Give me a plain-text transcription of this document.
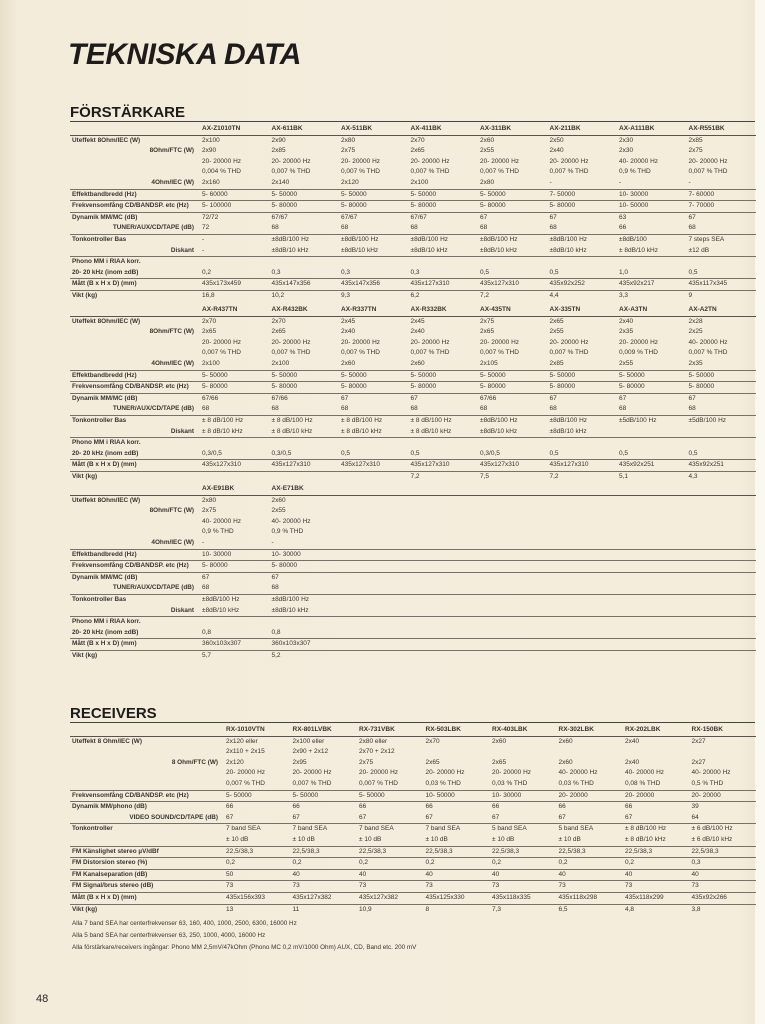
TEKNISKA DATA
FÖRSTÄRKARE
	AX-Z1010TN	AX-611BK	AX-511BK	AX-411BK	AX-311BK	AX-211BK	AX-A111BK	AX-R551BK
Uteffekt 8Ohm/IEC (W)	2x100	2x90	2x80	2x70	2x60	2x50	2x30	2x85
8Ohm/FTC (W)	2x90	2x85	2x75	2x65	2x55	2x40	2x30	2x75
	20- 20000 Hz	20- 20000 Hz	20- 20000 Hz	20- 20000 Hz	20- 20000 Hz	20- 20000 Hz	40- 20000 Hz	20- 20000 Hz
	0,004 % THD	0,007 % THD	0,007 % THD	0,007 % THD	0,007 % THD	0,007 % THD	0,9 % THD	0,007 % THD
4Ohm/IEC (W)	2x160	2x140	2x120	2x100	2x80	-	-	-
Effektbandbredd (Hz)	5- 60000	5- 50000	5- 50000	5- 50000	5- 50000	7- 50000	10- 30000	7- 60000
Frekvensomfång CD/BANDSP. etc (Hz)	5- 100000	5- 80000	5- 80000	5- 80000	5- 80000	5- 80000	10- 50000	7- 70000
Dynamik MM/MC (dB)	72/72	67/67	67/67	67/67	67	67	63	67
TUNER/AUX/CD/TAPE (dB)	72	68	68	68	68	68	66	68
Tonkontroller Bas	-	±8dB/100 Hz	±8dB/100 Hz	±8dB/100 Hz	±8dB/100 Hz	±8dB/100 Hz	±8dB/100	7 steps SEA
Diskant	-	±8dB/10 kHz	±8dB/10 kHz	±8dB/10 kHz	±8dB/10 kHz	±8dB/10 kHz	± 8dB/10 kHz	±12 dB
Phono MM i RIAA korr.								
20- 20 kHz (inom ±dB)	0,2	0,3	0,3	0,3	0,5	0,5	1,0	0,5
Mått (B x H x D) (mm)	435x173x459	435x147x356	435x147x356	435x127x310	435x127x310	435x92x252	435x92x217	435x117x345
Vikt (kg)	16,8	10,2	9,3	6,2	7,2	4,4	3,3	9
	AX-R437TN	AX-R432BK	AX-R337TN	AX-R332BK	AX-435TN	AX-335TN	AX-A3TN	AX-A2TN
Uteffekt 8Ohm/IEC (W)	2x70	2x70	2x45	2x45	2x75	2x65	2x40	2x28
8Ohm/FTC (W)	2x65	2x65	2x40	2x40	2x65	2x55	2x35	2x25
	20- 20000 Hz	20- 20000 Hz	20- 20000 Hz	20- 20000 Hz	20- 20000 Hz	20- 20000 Hz	20- 20000 Hz	40- 20000 Hz
	0,007 % THD	0,007 % THD	0,007 % THD	0,007 % THD	0,007 % THD	0,007 % THD	0,009 % THD	0,007 % THD
4Ohm/IEC (W)	2x100	2x100	2x60	2x60	2x105	2x85	2x55	2x35
Effektbandbredd (Hz)	5- 50000	5- 50000	5- 50000	5- 50000	5- 50000	5- 50000	5- 50000	5- 50000
Frekvensomfång CD/BANDSP. etc (Hz)	5- 80000	5- 80000	5- 80000	5- 80000	5- 80000	5- 80000	5- 80000	5- 80000
Dynamik MM/MC (dB)	67/66	67/66	67	67	67/66	67	67	67
TUNER/AUX/CD/TAPE (dB)	68	68	68	68	68	68	68	68
Tonkontroller Bas	± 8 dB/100 Hz	± 8 dB/100 Hz	± 8 dB/100 Hz	± 8 dB/100 Hz	±8dB/100 Hz	±8dB/100 Hz	±5dB/100 Hz	±5dB/100 Hz
Diskant	± 8 dB/10 kHz	± 8 dB/10 kHz	± 8 dB/10 kHz	± 8 dB/10 kHz	±8dB/10 kHz	±8dB/10 kHz		
Phono MM i RIAA korr.								
20- 20 kHz (inom ±dB)	0,3/0,5	0,3/0,5	0,5	0,5	0,3/0,5	0,5	0,5	0,5
Mått (B x H x D) (mm)	435x127x310	435x127x310	435x127x310	435x127x310	435x127x310	435x127x310	435x92x251	435x92x251
Vikt (kg)				7,2	7,5	7,2	5,1	4,3
	AX-E91BK	AX-E71BK						
Uteffekt 8Ohm/IEC (W)	2x80	2x60						
8Ohm/FTC (W)	2x75	2x55						
	40- 20000 Hz	40- 20000 Hz						
	0,9 % THD	0,9 % THD						
4Ohm/IEC (W)	-	-						
Effektbandbredd (Hz)	10- 30000	10- 30000						
Frekvensomfång CD/BANDSP. etc (Hz)	5- 80000	5- 80000						
Dynamik MM/MC (dB)	67	67						
TUNER/AUX/CD/TAPE (dB)	68	68						
Tonkontroller Bas	±8dB/100 Hz	±8dB/100 Hz						
Diskant	±8dB/10 kHz	±8dB/10 kHz						
Phono MM i RIAA korr.								
20- 20 kHz (inom ±dB)	0,8	0,8						
Mått (B x H x D) (mm)	360x103x307	360x103x307						
Vikt (kg)	5,7	5,2						
RECEIVERS
	RX-1010VTN	RX-801LVBK	RX-731VBK	RX-503LBK	RX-403LBK	RX-302LBK	RX-202LBK	RX-150BK
Uteffekt 8 Ohm/IEC (W)	2x120 eller	2x100 eller	2x80 eller	2x70	2x60	2x60	2x40	2x27
	2x110 + 2x15	2x90 + 2x12	2x70 + 2x12					
8 Ohm/FTC (W)	2x120	2x95	2x75	2x65	2x65	2x60	2x40	2x27
	20- 20000 Hz	20- 20000 Hz	20- 20000 Hz	20- 20000 Hz	20- 20000 Hz	40- 20000 Hz	40- 20000 Hz	40- 20000 Hz
	0,007 % THD	0,007 % THD	0,007 % THD	0,03 % THD	0,03 % THD	0,03 % THD	0,08 % THD	0,5 % THD
Frekvensomfång CD/BANDSP. etc (Hz)	5- 50000	5- 50000	5- 50000	10- 50000	10- 30000	20- 20000	20- 20000	20- 20000
Dynamik MM/phono (dB)	66	66	66	66	66	66	66	39
VIDEO SOUND/CD/TAPE (dB)	67	67	67	67	67	67	67	64
Tonkontroller	7 band SEA	7 band SEA	7 band SEA	7 band SEA	5 band SEA	5 band SEA	± 8 dB/100 Hz	± 6 dB/100 Hz
	± 10 dB	± 10 dB	± 10 dB	± 10 dB	± 10 dB	± 10 dB	± 8 dB/10 kHz	± 6 dB/10 kHz
FM Känslighet stereo µV/dBf	22,5/38,3	22,5/38,3	22,5/38,3	22,5/38,3	22,5/38,3	22,5/38,3	22,5/38,3	22,5/38,3
FM Distorsion stereo (%)	0,2	0,2	0,2	0,2	0,2	0,2	0,2	0,3
FM Kanalseparation (dB)	50	40	40	40	40	40	40	40
FM Signal/brus stereo (dB)	73	73	73	73	73	73	73	73
Mått (B x H x D) (mm)	435x156x393	435x127x382	435x127x382	435x125x330	435x118x335	435x118x298	435x118x299	435x92x266
Vikt (kg)	13	11	10,9	8	7,3	6,5	4,8	3,8
Alla 7 band SEA har centerfrekvenser 63, 160, 400, 1000, 2500, 6300, 16000 Hz
Alla 5 band SEA har centerfrekvenser 63, 250, 1000, 4000, 16000 Hz
Alla förstärkare/receivers ingångar: Phono MM 2,5mV/47kOhm (Phono MC 0,2 mV/1000 Ohm) AUX, CD, Band etc. 200 mV
48
